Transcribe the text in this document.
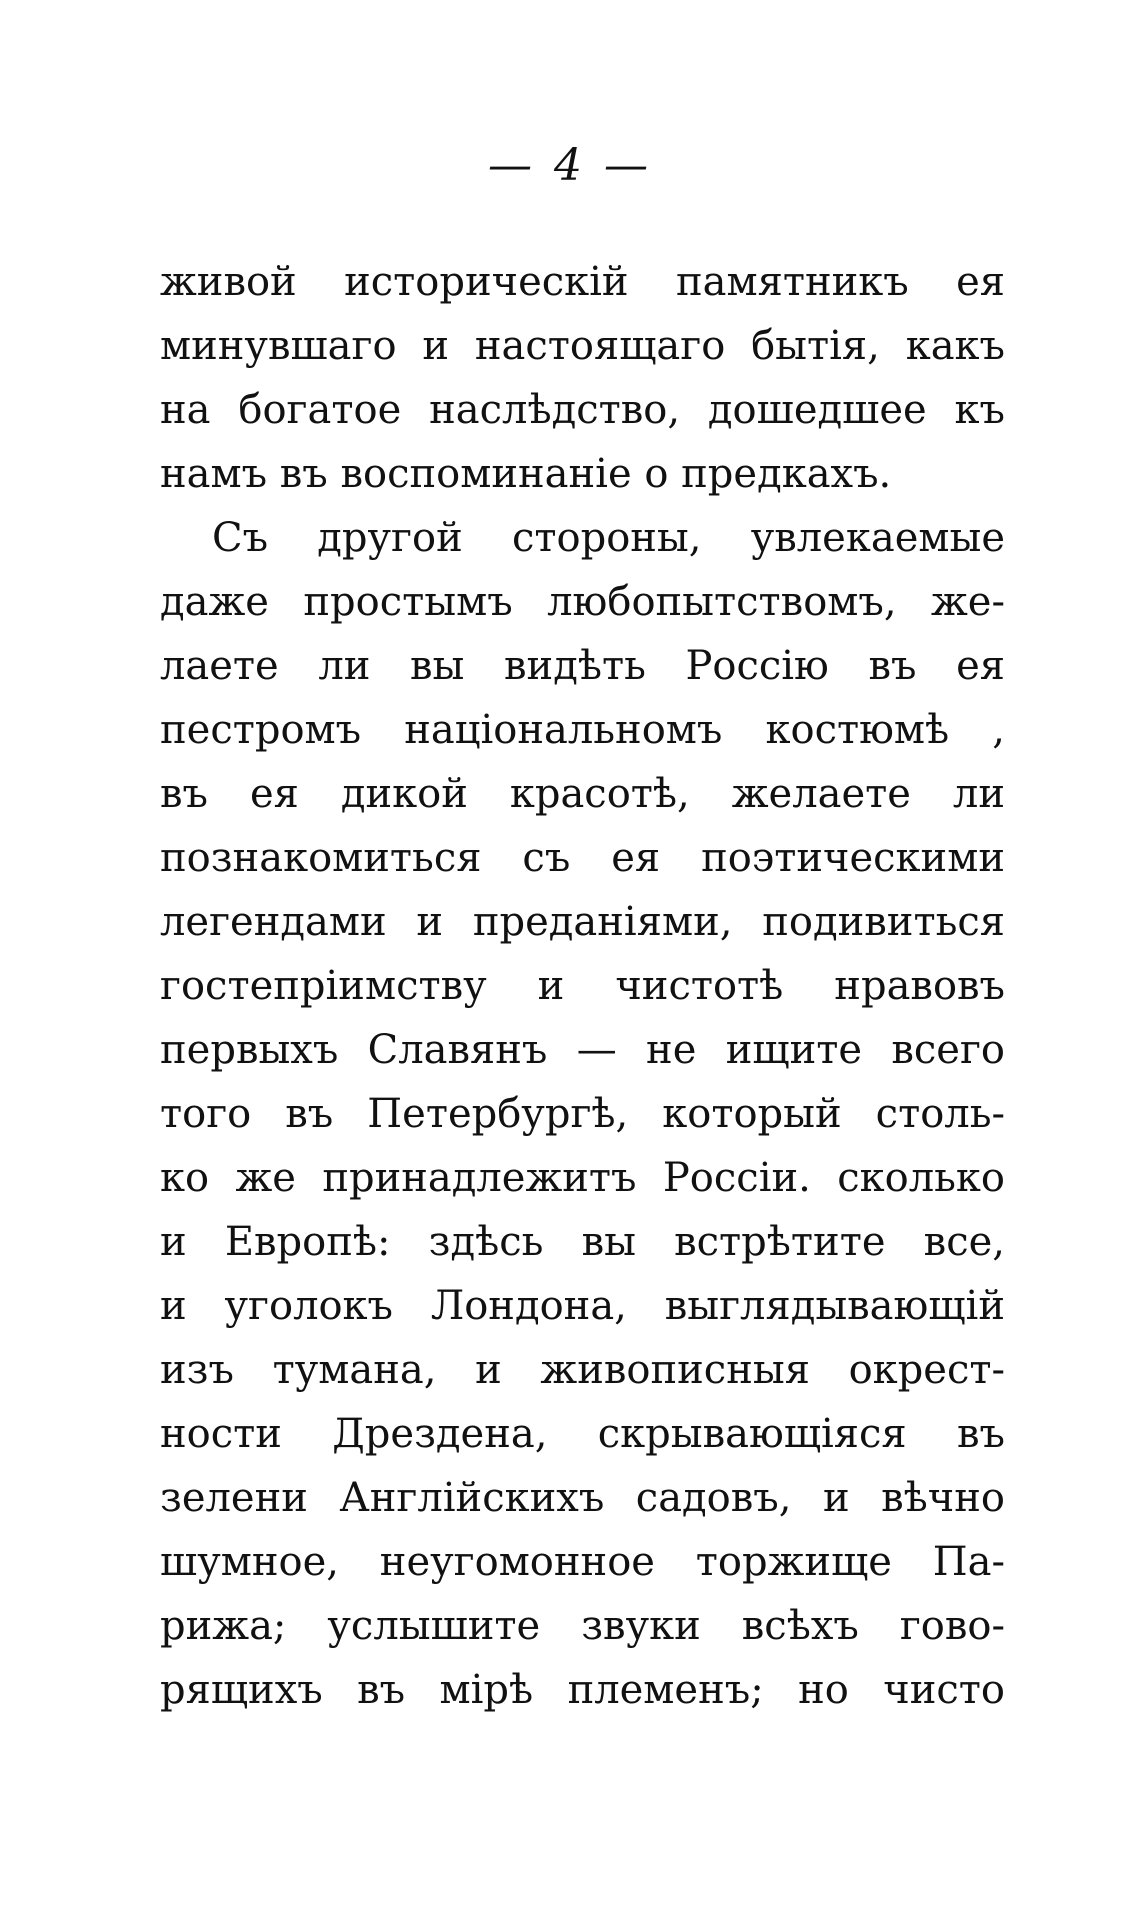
— 4 —
живой историческій памятникъ ея
минувшаго и настоящаго бытія, какъ
на богатое наслѣдство, дошедшее къ
намъ въ воспоминаніе о предкахъ.
Съ другой стороны, увлекаемые
даже простымъ любопытствомъ, же-
лаете ли вы видѣть Россію въ ея
пестромъ національномъ костюмѣ ,
въ ея дикой красотѣ, желаете ли
познакомиться съ ея поэтическими
легендами и преданіями, подивиться
гостепріимству и чистотѣ нравовъ
первыхъ Славянъ — не ищите всего
того въ Петербургѣ, который столь-
ко же принадлежитъ Россіи. сколько
и Европѣ: здѣсь вы встрѣтите все,
и уголокъ Лондона, выглядывающій
изъ тумана, и живописныя окрест-
ности Дрездена, скрывающіяся въ
зелени Англійскихъ садовъ, и вѣчно
шумное, неугомонное торжище Па-
рижа; услышите звуки всѣхъ гово-
рящихъ въ мірѣ племенъ; но чисто
